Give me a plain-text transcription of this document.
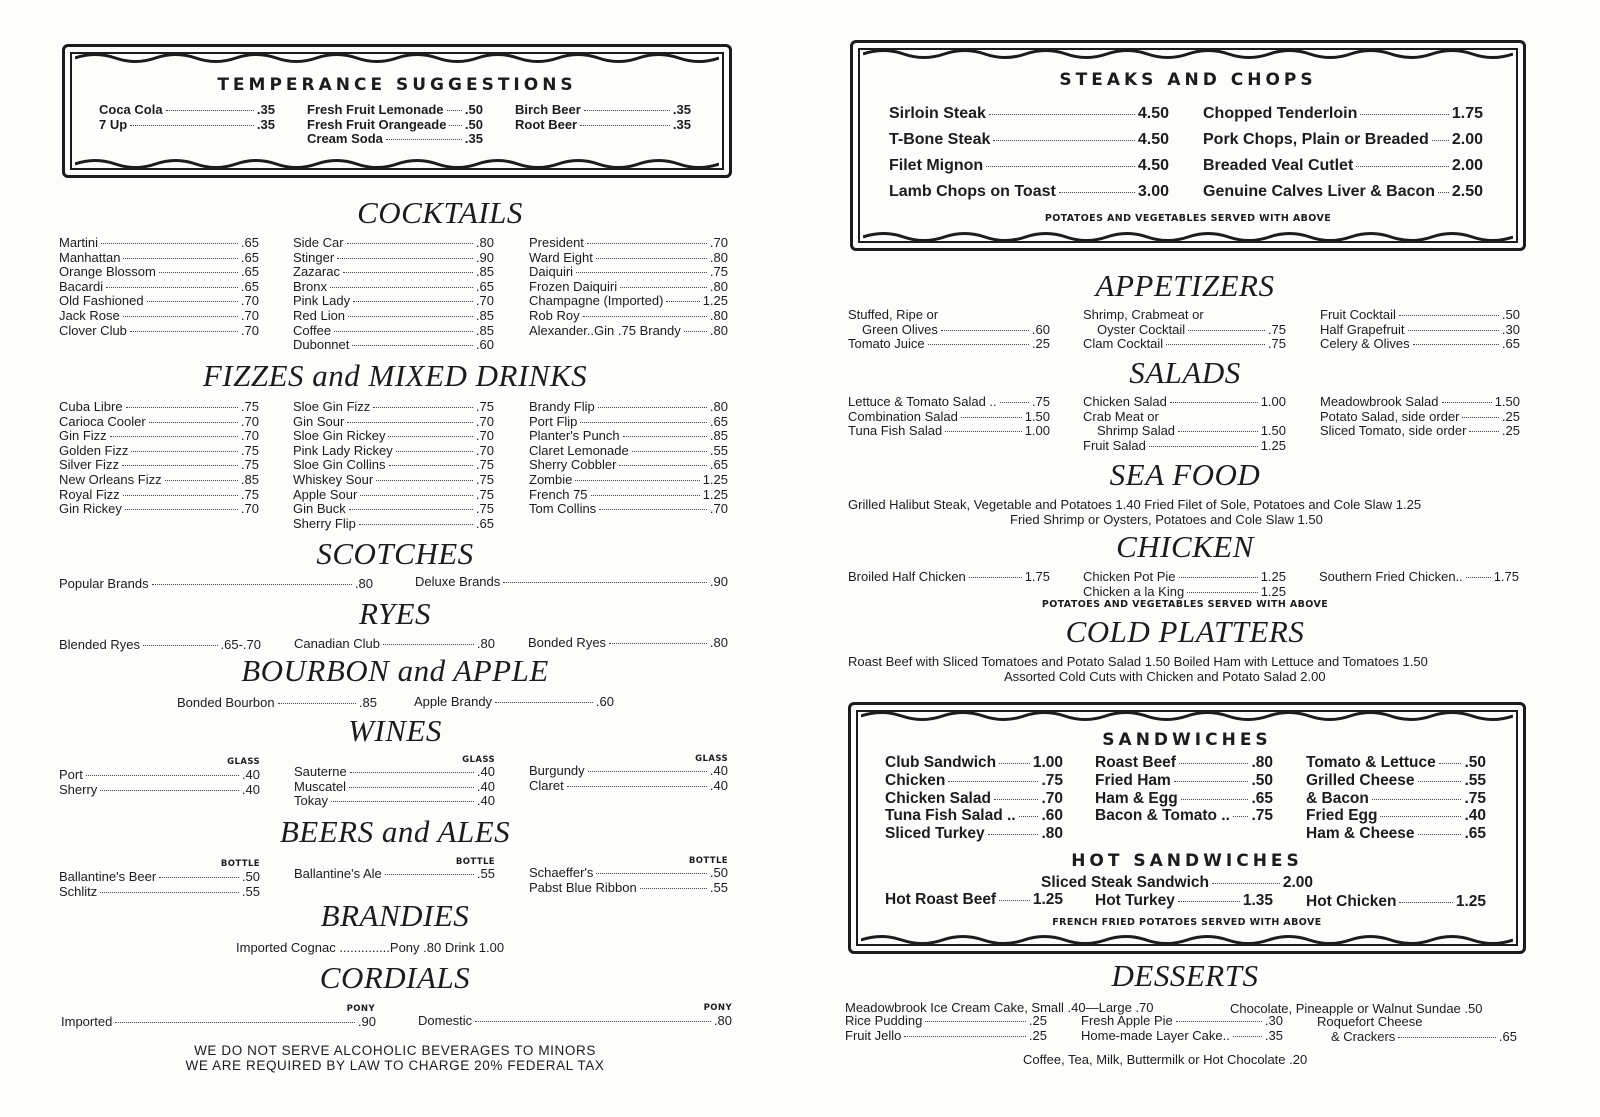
TEMPERANCE SUGGESTIONS
Coca Cola	.35
7 Up	.35
Fresh Fruit Lemonade .50
Fresh Fruit Orangeade .50
Cream Soda	.35
Birch Beer	.35
Root Beer	.35
COCKTAILS
Martini	.65
Manhattan	.65
Orange Blossom	.65
Bacardi	.65
Old Fashioned	.70
Jack Rose	.70
Clover Club	.70
Side Car	.80
Stinger	.90
Zazarac	.85
Bronx	.65
Pink Lady	.70
Red Lion	.85
Coffee	.85
Dubonnet	.60
President	.70
Ward Eight	.80
Daiquiri	.75
Frozen Daiquiri	.80
Champagne (Imported)	1.25
Rob Roy	.80
Alexander..Gin .75 Brandy .80
FIZZES and MIXED DRINKS
Cuba Libre	.75
Carioca Cooler	.70
Gin Fizz	.70
Golden Fizz	.75
Silver Fizz	.75
New Orleans Fizz	.85
Royal Fizz	.75
Gin Rickey	.70
Sloe Gin Fizz	.75
Gin Sour	.70
Sloe Gin Rickey	.70
Pink Lady Rickey	.70
Sloe Gin Collins	.75
Whiskey Sour	.75
Apple Sour	.75
Gin Buck	.75
Sherry Flip	.65
Brandy Flip	.80
Port Flip	.65
Planter's Punch	.85
Claret Lemonade	.55
Sherry Cobbler	.65
Zombie	1.25
French 75	1.25
Tom Collins	.70
SCOTCHES
Popular Brands	.80	Deluxe Brands	.90
RYES
Blended Ryes	.65-.70	Canadian Club	.80	Bonded Ryes	.80
BOURBON and APPLE
Bonded Bourbon	.85	Apple Brandy	.60
WINES
GLASS	GLASS	GLASS
Port	.40
Sherry	.40
Sauterne	.40
Muscatel	.40
Tokay	.40
Burgundy	.40
Claret	.40
BEERS and ALES
BOTTLE	BOTTLE	BOTTLE
Ballantine's Beer	.50
Schlitz	.55
Ballantine's Ale	.55	Schaeffer's	.50
Pabst Blue Ribbon	.55
BRANDIES
Imported Cognac ..............Pony .80 Drink 1.00
CORDIALS
PONY	PONY
Imported	.90	Domestic	.80
WE DO NOT SERVE ALCOHOLIC BEVERAGES TO MINORS
WE ARE REQUIRED BY LAW TO CHARGE 20% FEDERAL TAX
STEAKS AND CHOPS
Sirloin Steak	4.50
T-Bone Steak	4.50
Filet Mignon	4.50
Lamb Chops on Toast	3.00
Chopped Tenderloin	1.75
Pork Chops, Plain or Breaded 2.00
Breaded Veal Cutlet	2.00
Genuine Calves Liver & Bacon 2.50
POTATOES AND VEGETABLES SERVED WITH ABOVE
APPETIZERS
Stuffed, Ripe or
Green Olives	.60
Tomato Juice	.25
Shrimp, Crabmeat or
Oyster Cocktail	.75
Clam Cocktail	.75
Fruit Cocktail	.50
Half Grapefruit	.30
Celery & Olives	.65
SALADS
Lettuce & Tomato Salad ..	.75
Combination Salad	1.50
Tuna Fish Salad	1.00
Chicken Salad	1.00
Crab Meat or
Shrimp Salad	1.50
Fruit Salad	1.25
Meadowbrook Salad	1.50
Potato Salad, side order	.25
Sliced Tomato, side order	.25
SEA FOOD
Grilled Halibut Steak, Vegetable and Potatoes 1.40 Fried Filet of Sole, Potatoes and Cole Slaw 1.25
Fried Shrimp or Oysters, Potatoes and Cole Slaw 1.50
CHICKEN
Broiled Half Chicken	1.75	Chicken Pot Pie	1.25
Chicken a la King	1.25
Southern Fried Chicken.. 1.75
POTATOES AND VEGETABLES SERVED WITH ABOVE
COLD PLATTERS
Roast Beef with Sliced Tomatoes and Potato Salad 1.50 Boiled Ham with Lettuce and Tomatoes 1.50
Assorted Cold Cuts with Chicken and Potato Salad 2.00
SANDWICHES
Club Sandwich 1.00
Chicken	.75
Chicken Salad	.70
Tuna Fish Salad .. .60
Sliced Turkey	.80
Roast Beef	.80
Fried Ham	.50
Ham & Egg	.65
Bacon & Tomato .. .75
Tomato & Lettuce .50
Grilled Cheese	.55
& Bacon	.75
Fried Egg	.40
Ham & Cheese	.65
HOT SANDWICHES
Sliced Steak Sandwich	2.00
Hot Roast Beef 1.25 Hot Turkey	1.35 Hot Chicken	1.25
FRENCH FRIED POTATOES SERVED WITH ABOVE
DESSERTS
Meadowbrook Ice Cream Cake, Small .40—Large .70	Chocolate, Pineapple or Walnut Sundae .50
Rice Pudding	.25
Fruit Jello	.25
Fresh Apple Pie	.30
Home-made Layer Cake..	.35
Roquefort Cheese
& Crackers	.65
Coffee, Tea, Milk, Buttermilk or Hot Chocolate .20
